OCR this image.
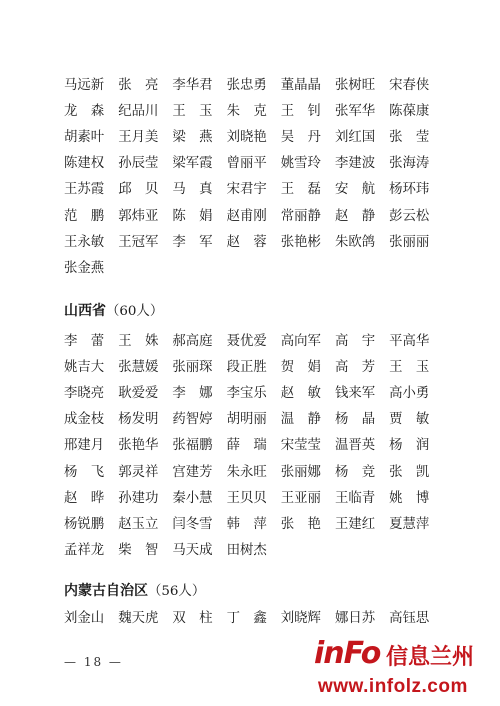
马远新	张　亮	李华君	张忠勇	董晶晶	张树旺	宋春侠
龙　森	纪品川	王　玉	朱　克	王　钊	张军华	陈葆康
胡素叶	王月美	梁　燕	刘晓艳	吴　丹	刘红国	张　莹
陈建权	孙辰莹	梁军霞	曾丽平	姚雪玲	李建波	张海涛
王苏霞	邱　贝	马　真	宋君宇	王　磊	安　航	杨环玮
范　鹏	郭炜亚	陈　娟	赵甫刚	常丽静	赵　静	彭云松
王永敏	王冠军	李　军	赵　蓉	张艳彬	朱欧鸽	张丽丽
张金燕
山西省（60人）
李　蕾	王　姝	郝高庭	聂优爱	高向军	高　宇	平高华
姚吉大	张慧媛	张丽琛	段正胜	贺　娟	高　芳	王　玉
李晓亮	耿爱爱	李　娜	李宝乐	赵　敏	钱来军	高小勇
成金枝	杨发明	药智婷	胡明丽	温　静	杨　晶	贾　敏
邢建月	张艳华	张福鹏	薛　瑞	宋莹莹	温晋英	杨　润
杨　飞	郭灵祥	宫建芳	朱永旺	张丽娜	杨　竞	张　凯
赵　晔	孙建功	秦小慧	王贝贝	王亚丽	王临青	姚　博
杨锐鹏	赵玉立	闫冬雪	韩　萍	张　艳	王建红	夏慧萍
孟祥龙	柴　智	马天成	田树杰
内蒙古自治区（56人）
刘金山	魏天虎	双　柱	丁　鑫	刘晓辉	娜日苏	高钰思
— 18 —	inFo 信息兰州
www.infolz.com
